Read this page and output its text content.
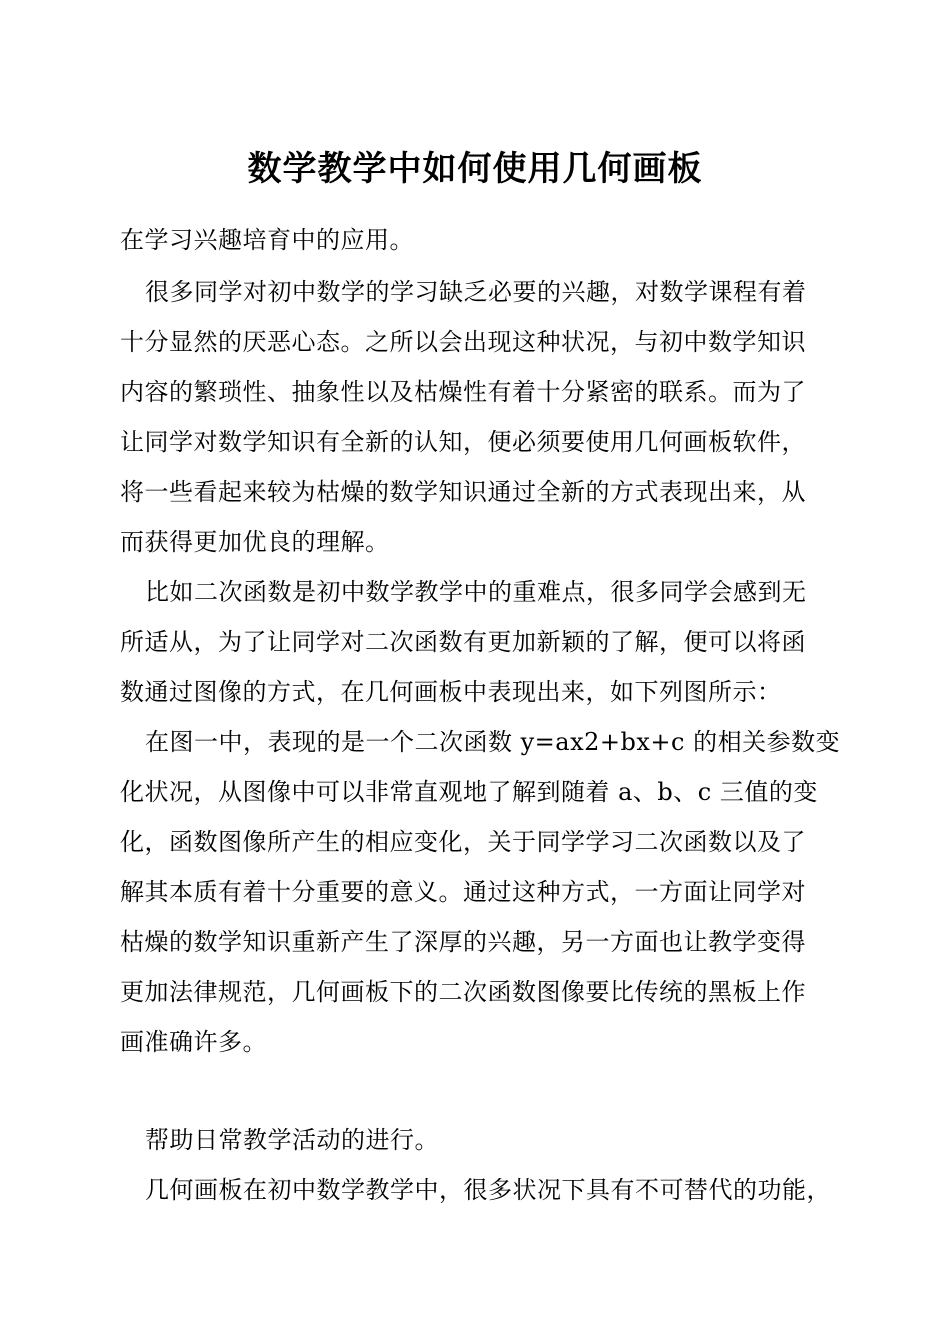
数学教学中如何使用几何画板
在学习兴趣培育中的应用。
很多同学对初中数学的学习缺乏必要的兴趣，对数学课程有着
十分显然的厌恶心态。之所以会出现这种状况，与初中数学知识
内容的繁琐性、抽象性以及枯燥性有着十分紧密的联系。而为了
让同学对数学知识有全新的认知，便必须要使用几何画板软件，
将一些看起来较为枯燥的数学知识通过全新的方式表现出来，从
而获得更加优良的理解。
比如二次函数是初中数学教学中的重难点，很多同学会感到无
所适从，为了让同学对二次函数有更加新颖的了解，便可以将函
数通过图像的方式，在几何画板中表现出来，如下列图所示：
在图一中，表现的是一个二次函数 y=ax2+bx+c 的相关参数变
化状况，从图像中可以非常直观地了解到随着 a、b、c 三值的变
化，函数图像所产生的相应变化，关于同学学习二次函数以及了
解其本质有着十分重要的意义。通过这种方式，一方面让同学对
枯燥的数学知识重新产生了深厚的兴趣，另一方面也让教学变得
更加法律规范，几何画板下的二次函数图像要比传统的黑板上作
画准确许多。
帮助日常教学活动的进行。
几何画板在初中数学教学中，很多状况下具有不可替代的功能，
